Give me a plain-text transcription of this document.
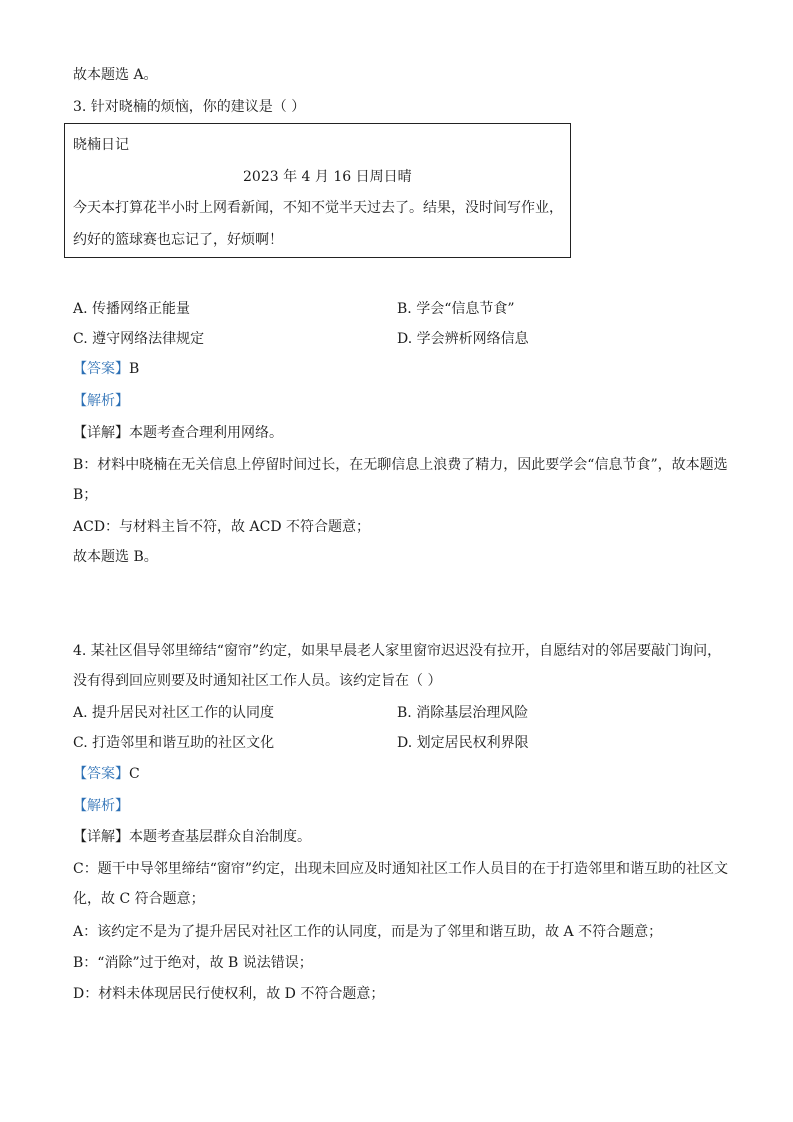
故本题选 A。
3. 针对晓楠的烦恼，你的建议是（ ）
晓楠日记
2023 年 4 月 16 日周日晴
今天本打算花半小时上网看新闻，不知不觉半天过去了。结果，没时间写作业，
约好的篮球赛也忘记了，好烦啊！
A. 传播网络正能量	B. 学会“信息节食”
C. 遵守网络法律规定	D. 学会辨析网络信息
【答案】B
【解析】
【详解】本题考查合理利用网络。
B：材料中晓楠在无关信息上停留时间过长，在无聊信息上浪费了精力，因此要学会“信息节食”，故本题选
B；
ACD：与材料主旨不符，故 ACD 不符合题意；
故本题选 B。
4. 某社区倡导邻里缔结“窗帘”约定，如果早晨老人家里窗帘迟迟没有拉开，自愿结对的邻居要敲门询问，
没有得到回应则要及时通知社区工作人员。该约定旨在（ ）
A. 提升居民对社区工作的认同度	B. 消除基层治理风险
C. 打造邻里和谐互助的社区文化	D. 划定居民权利界限
【答案】C
【解析】
【详解】本题考查基层群众自治制度。
C：题干中导邻里缔结“窗帘”约定，出现未回应及时通知社区工作人员目的在于打造邻里和谐互助的社区文
化，故 C 符合题意；
A：该约定不是为了提升居民对社区工作的认同度，而是为了邻里和谐互助，故 A 不符合题意；
B：“消除”过于绝对，故 B 说法错误；
D：材料未体现居民行使权利，故 D 不符合题意；
